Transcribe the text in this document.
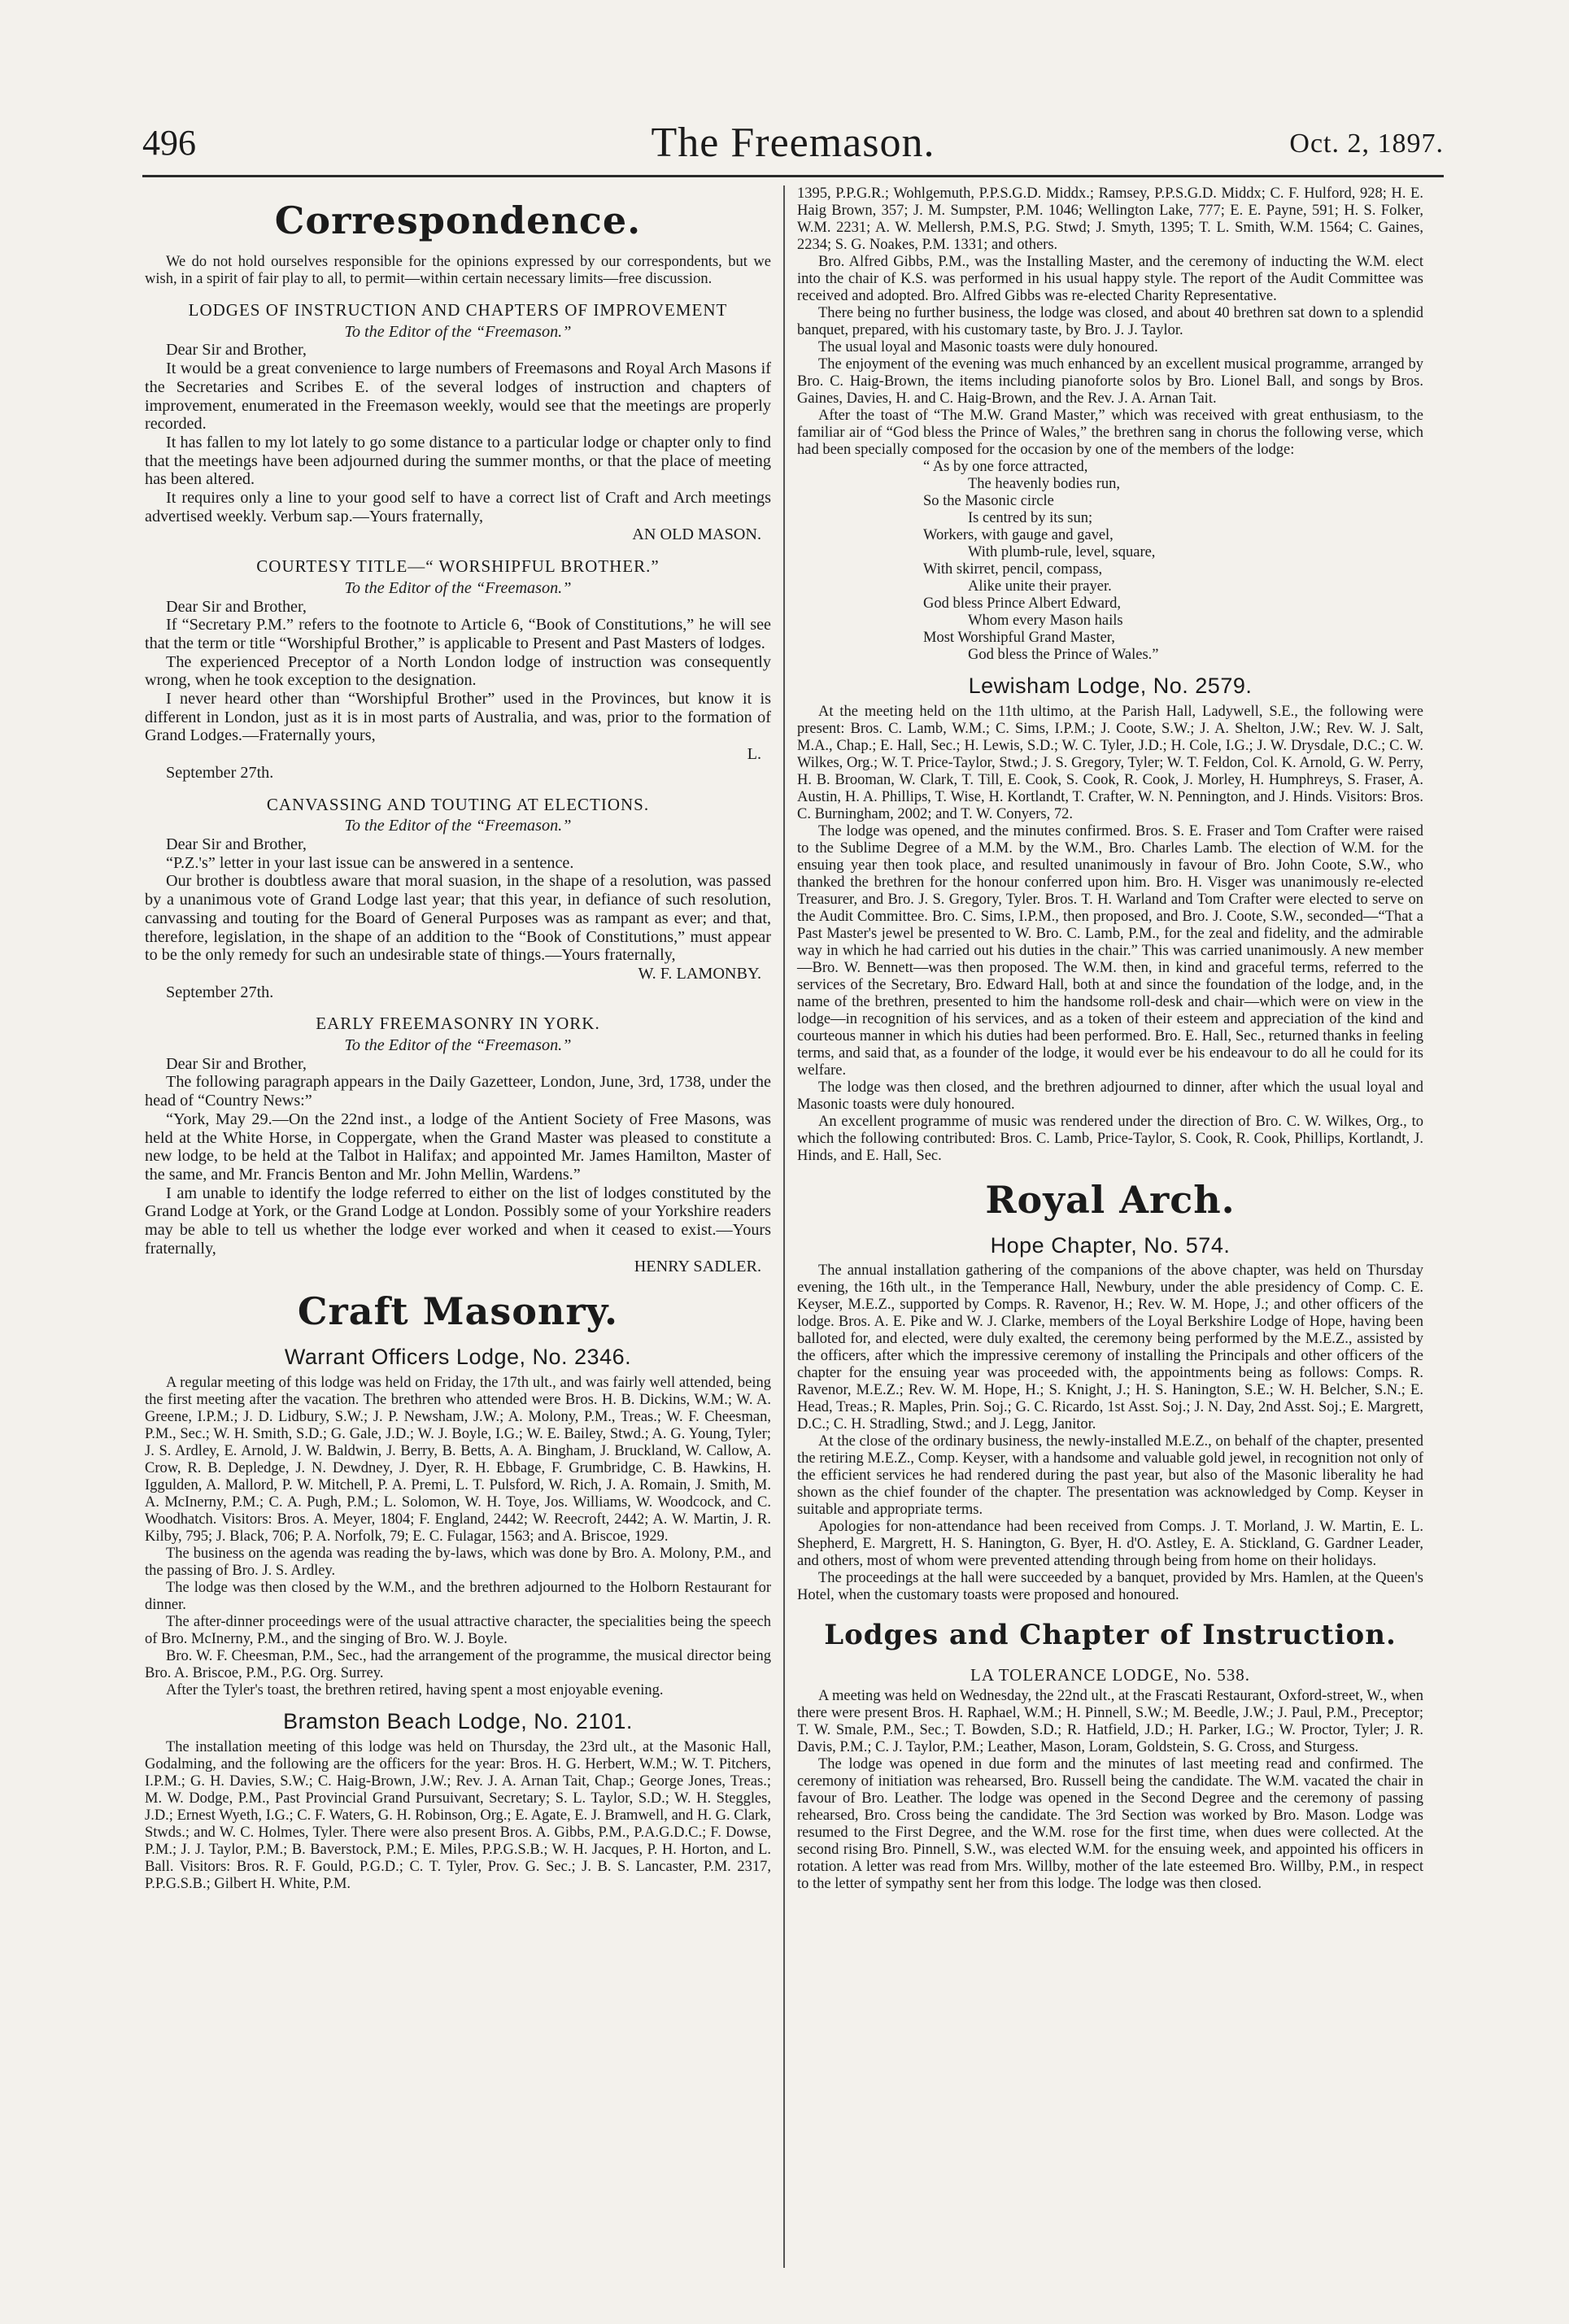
496	The Freemason.	Oct. 2, 1897.
Correspondence.

We do not hold ourselves responsible for the opinions expressed by our correspondents, but we wish, in a spirit of fair play to all, to permit—within certain necessary limits—free discussion.

LODGES OF INSTRUCTION AND CHAPTERS OF IMPROVEMENT
To the Editor of the “Freemason.”

Dear Sir and Brother,

It would be a great convenience to large numbers of Freemasons and Royal Arch Masons if the Secretaries and Scribes E. of the several lodges of instruction and chapters of improvement, enumerated in the Freemason weekly, would see that the meetings are properly recorded.

It has fallen to my lot lately to go some distance to a particular lodge or chapter only to find that the meetings have been adjourned during the summer months, or that the place of meeting has been altered.

It requires only a line to your good self to have a correct list of Craft and Arch meetings advertised weekly. Verbum sap.—Yours fraternally,

AN OLD MASON.
COURTESY TITLE—“ WORSHIPFUL BROTHER.”
To the Editor of the “Freemason.”

Dear Sir and Brother,

If “Secretary P.M.” refers to the footnote to Article 6, “Book of Constitutions,” he will see that the term or title “Worshipful Brother,” is applicable to Present and Past Masters of lodges.

The experienced Preceptor of a North London lodge of instruction was consequently wrong, when he took exception to the designation.

I never heard other than “Worshipful Brother” used in the Provinces, but know it is different in London, just as it is in most parts of Australia, and was, prior to the formation of Grand Lodges.—Fraternally yours,

L.

September 27th.

CANVASSING AND TOUTING AT ELECTIONS.
To the Editor of the “Freemason.”

Dear Sir and Brother,

“P.Z.'s” letter in your last issue can be answered in a sentence.

Our brother is doubtless aware that moral suasion, in the shape of a resolution, was passed by a unanimous vote of Grand Lodge last year; that this year, in defiance of such resolution, canvassing and touting for the Board of General Purposes was as rampant as ever; and that, therefore, legislation, in the shape of an addition to the “Book of Constitutions,” must appear to be the only remedy for such an undesirable state of things.—Yours fraternally,

W. F. LAMONBY.

September 27th.

EARLY FREEMASONRY IN YORK.
To the Editor of the “Freemason.”

Dear Sir and Brother,

The following paragraph appears in the Daily Gazetteer, London, June, 3rd, 1738, under the head of “Country News:”

“York, May 29.—On the 22nd inst., a lodge of the Antient Society of Free Masons, was held at the White Horse, in Coppergate, when the Grand Master was pleased to constitute a new lodge, to be held at the Talbot in Halifax; and appointed Mr. James Hamilton, Master of the same, and Mr. Francis Benton and Mr. John Mellin, Wardens.”

I am unable to identify the lodge referred to either on the list of lodges constituted by the Grand Lodge at York, or the Grand Lodge at London. Possibly some of your Yorkshire readers may be able to tell us whether the lodge ever worked and when it ceased to exist.—Yours fraternally,

HENRY SADLER.
Craft Masonry.
Warrant Officers Lodge, No. 2346.

A regular meeting of this lodge was held on Friday, the 17th ult., and was fairly well attended, being the first meeting after the vacation. The brethren who attended were Bros. H. B. Dickins, W.M.; W. A. Greene, I.P.M.; J. D. Lidbury, S.W.; J. P. Newsham, J.W.; A. Molony, P.M., Treas.; W. F. Cheesman, P.M., Sec.; W. H. Smith, S.D.; G. Gale, J.D.; W. J. Boyle, I.G.; W. E. Bailey, Stwd.; A. G. Young, Tyler; J. S. Ardley, E. Arnold, J. W. Baldwin, J. Berry, B. Betts, A. A. Bingham, J. Bruckland, W. Callow, A. Crow, R. B. Depledge, J. N. Dewdney, J. Dyer, R. H. Ebbage, F. Grumbridge, C. B. Hawkins, H. Iggulden, A. Mallord, P. W. Mitchell, P. A. Premi, L. T. Pulsford, W. Rich, J. A. Romain, J. Smith, M. A. McInerny, P.M.; C. A. Pugh, P.M.; L. Solomon, W. H. Toye, Jos. Williams, W. Woodcock, and C. Woodhatch. Visitors: Bros. A. Meyer, 1804; F. England, 2442; W. Reecroft, 2442; A. W. Martin, J. R. Kilby, 795; J. Black, 706; P. A. Norfolk, 79; E. C. Fulagar, 1563; and A. Briscoe, 1929.

The business on the agenda was reading the by-laws, which was done by Bro. A. Molony, P.M., and the passing of Bro. J. S. Ardley.

The lodge was then closed by the W.M., and the brethren adjourned to the Holborn Restaurant for dinner.

The after-dinner proceedings were of the usual attractive character, the specialities being the speech of Bro. McInerny, P.M., and the singing of Bro. W. J. Boyle.

Bro. W. F. Cheesman, P.M., Sec., had the arrangement of the programme, the musical director being Bro. A. Briscoe, P.M., P.G. Org. Surrey.

After the Tyler's toast, the brethren retired, having spent a most enjoyable evening.

Bramston Beach Lodge, No. 2101.

The installation meeting of this lodge was held on Thursday, the 23rd ult., at the Masonic Hall, Godalming, and the following are the officers for the year: Bros. H. G. Herbert, W.M.; W. T. Pitchers, I.P.M.; G. H. Davies, S.W.; C. Haig-Brown, J.W.; Rev. J. A. Arnan Tait, Chap.; George Jones, Treas.; M. W. Dodge, P.M., Past Provincial Grand Pursuivant, Secretary; S. L. Taylor, S.D.; W. H. Steggles, J.D.; Ernest Wyeth, I.G.; C. F. Waters, G. H. Robinson, Org.; E. Agate, E. J. Bramwell, and H. G. Clark, Stwds.; and W. C. Holmes, Tyler. There were also present Bros. A. Gibbs, P.M., P.A.G.D.C.; F. Dowse, P.M.; J. J. Taylor, P.M.; B. Baverstock, P.M.; E. Miles, P.P.G.S.B.; W. H. Jacques, P. H. Horton, and L. Ball. Visitors: Bros. R. F. Gould, P.G.D.; C. T. Tyler, Prov. G. Sec.; J. B. S. Lancaster, P.M. 2317, P.P.G.S.B.; Gilbert H. White, P.M.

1395, P.P.G.R.; Wohlgemuth, P.P.S.G.D. Middx.; Ramsey, P.P.S.G.D. Middx; C. F. Hulford, 928; H. E. Haig Brown, 357; J. M. Sumpster, P.M. 1046; Wellington Lake, 777; E. E. Payne, 591; H. S. Folker, W.M. 2231; A. W. Mellersh, P.M.S, P.G. Stwd; J. Smyth, 1395; T. L. Smith, W.M. 1564; C. Gaines, 2234; S. G. Noakes, P.M. 1331; and others.

Bro. Alfred Gibbs, P.M., was the Installing Master, and the ceremony of inducting the W.M. elect into the chair of K.S. was performed in his usual happy style. The report of the Audit Committee was received and adopted. Bro. Alfred Gibbs was re-elected Charity Representative.

There being no further business, the lodge was closed, and about 40 brethren sat down to a splendid banquet, prepared, with his customary taste, by Bro. J. J. Taylor.

The usual loyal and Masonic toasts were duly honoured.

The enjoyment of the evening was much enhanced by an excellent musical programme, arranged by Bro. C. Haig-Brown, the items including pianoforte solos by Bro. Lionel Ball, and songs by Bros. Gaines, Davies, H. and C. Haig-Brown, and the Rev. J. A. Arnan Tait.

After the toast of “The M.W. Grand Master,” which was received with great enthusiasm, to the familiar air of “God bless the Prince of Wales,” the brethren sang in chorus the following verse, which had been specially composed for the occasion by one of the members of the lodge:

“ As by one force attracted,

The heavenly bodies run,

So the Masonic circle

Is centred by its sun;

Workers, with gauge and gavel,

With plumb-rule, level, square,

With skirret, pencil, compass,

Alike unite their prayer.

God bless Prince Albert Edward,

Whom every Mason hails

Most Worshipful Grand Master,

God bless the Prince of Wales.”

Lewisham Lodge, No. 2579.

At the meeting held on the 11th ultimo, at the Parish Hall, Ladywell, S.E., the following were present: Bros. C. Lamb, W.M.; C. Sims, I.P.M.; J. Coote, S.W.; J. A. Shelton, J.W.; Rev. W. J. Salt, M.A., Chap.; E. Hall, Sec.; H. Lewis, S.D.; W. C. Tyler, J.D.; H. Cole, I.G.; J. W. Drysdale, D.C.; C. W. Wilkes, Org.; W. T. Price-Taylor, Stwd.; J. S. Gregory, Tyler; W. T. Feldon, Col. K. Arnold, G. W. Perry, H. B. Brooman, W. Clark, T. Till, E. Cook, S. Cook, R. Cook, J. Morley, H. Humphreys, S. Fraser, A. Austin, H. A. Phillips, T. Wise, H. Kortlandt, T. Crafter, W. N. Pennington, and J. Hinds. Visitors: Bros. C. Burningham, 2002; and T. W. Conyers, 72.

The lodge was opened, and the minutes confirmed. Bros. S. E. Fraser and Tom Crafter were raised to the Sublime Degree of a M.M. by the W.M., Bro. Charles Lamb. The election of W.M. for the ensuing year then took place, and resulted unanimously in favour of Bro. John Coote, S.W., who thanked the brethren for the honour conferred upon him. Bro. H. Visger was unanimously re-elected Treasurer, and Bro. J. S. Gregory, Tyler. Bros. T. H. Warland and Tom Crafter were elected to serve on the Audit Committee. Bro. C. Sims, I.P.M., then proposed, and Bro. J. Coote, S.W., seconded—“That a Past Master's jewel be presented to W. Bro. C. Lamb, P.M., for the zeal and fidelity, and the admirable way in which he had carried out his duties in the chair.” This was carried unanimously. A new member—Bro. W. Bennett—was then proposed. The W.M. then, in kind and graceful terms, referred to the services of the Secretary, Bro. Edward Hall, both at and since the foundation of the lodge, and, in the name of the brethren, presented to him the handsome roll-desk and chair—which were on view in the lodge—in recognition of his services, and as a token of their esteem and appreciation of the kind and courteous manner in which his duties had been performed. Bro. E. Hall, Sec., returned thanks in feeling terms, and said that, as a founder of the lodge, it would ever be his endeavour to do all he could for its welfare.

The lodge was then closed, and the brethren adjourned to dinner, after which the usual loyal and Masonic toasts were duly honoured.

An excellent programme of music was rendered under the direction of Bro. C. W. Wilkes, Org., to which the following contributed: Bros. C. Lamb, Price-Taylor, S. Cook, R. Cook, Phillips, Kortlandt, J. Hinds, and E. Hall, Sec.

Royal Arch.
Hope Chapter, No. 574.

The annual installation gathering of the companions of the above chapter, was held on Thursday evening, the 16th ult., in the Temperance Hall, Newbury, under the able presidency of Comp. C. E. Keyser, M.E.Z., supported by Comps. R. Ravenor, H.; Rev. W. M. Hope, J.; and other officers of the lodge. Bros. A. E. Pike and W. J. Clarke, members of the Loyal Berkshire Lodge of Hope, having been balloted for, and elected, were duly exalted, the ceremony being performed by the M.E.Z., assisted by the officers, after which the impressive ceremony of installing the Principals and other officers of the chapter for the ensuing year was proceeded with, the appointments being as follows: Comps. R. Ravenor, M.E.Z.; Rev. W. M. Hope, H.; S. Knight, J.; H. S. Hanington, S.E.; W. H. Belcher, S.N.; E. Head, Treas.; R. Maples, Prin. Soj.; G. C. Ricardo, 1st Asst. Soj.; J. N. Day, 2nd Asst. Soj.; E. Margrett, D.C.; C. H. Stradling, Stwd.; and J. Legg, Janitor.

At the close of the ordinary business, the newly-installed M.E.Z., on behalf of the chapter, presented the retiring M.E.Z., Comp. Keyser, with a handsome and valuable gold jewel, in recognition not only of the efficient services he had rendered during the past year, but also of the Masonic liberality he had shown as the chief founder of the chapter. The presentation was acknowledged by Comp. Keyser in suitable and appropriate terms.

Apologies for non-attendance had been received from Comps. J. T. Morland, J. W. Martin, E. L. Shepherd, E. Margrett, H. S. Hanington, G. Byer, H. d'O. Astley, E. A. Stickland, G. Gardner Leader, and others, most of whom were prevented attending through being from home on their holidays.

The proceedings at the hall were succeeded by a banquet, provided by Mrs. Hamlen, at the Queen's Hotel, when the customary toasts were proposed and honoured.

Lodges and Chapter of Instruction.
LA TOLERANCE LODGE, No. 538.

A meeting was held on Wednesday, the 22nd ult., at the Frascati Restaurant, Oxford-street, W., when there were present Bros. H. Raphael, W.M.; H. Pinnell, S.W.; M. Beedle, J.W.; J. Paul, P.M., Preceptor; T. W. Smale, P.M., Sec.; T. Bowden, S.D.; R. Hatfield, J.D.; H. Parker, I.G.; W. Proctor, Tyler; J. R. Davis, P.M.; C. J. Taylor, P.M.; Leather, Mason, Loram, Goldstein, S. G. Cross, and Sturgess.

The lodge was opened in due form and the minutes of last meeting read and confirmed. The ceremony of initiation was rehearsed, Bro. Russell being the candidate. The W.M. vacated the chair in favour of Bro. Leather. The lodge was opened in the Second Degree and the ceremony of passing rehearsed, Bro. Cross being the candidate. The 3rd Section was worked by Bro. Mason. Lodge was resumed to the First Degree, and the W.M. rose for the first time, when dues were collected. At the second rising Bro. Pinnell, S.W., was elected W.M. for the ensuing week, and appointed his officers in rotation. A letter was read from Mrs. Willby, mother of the late esteemed Bro. Willby, P.M., in respect to the letter of sympathy sent her from this lodge. The lodge was then closed.
